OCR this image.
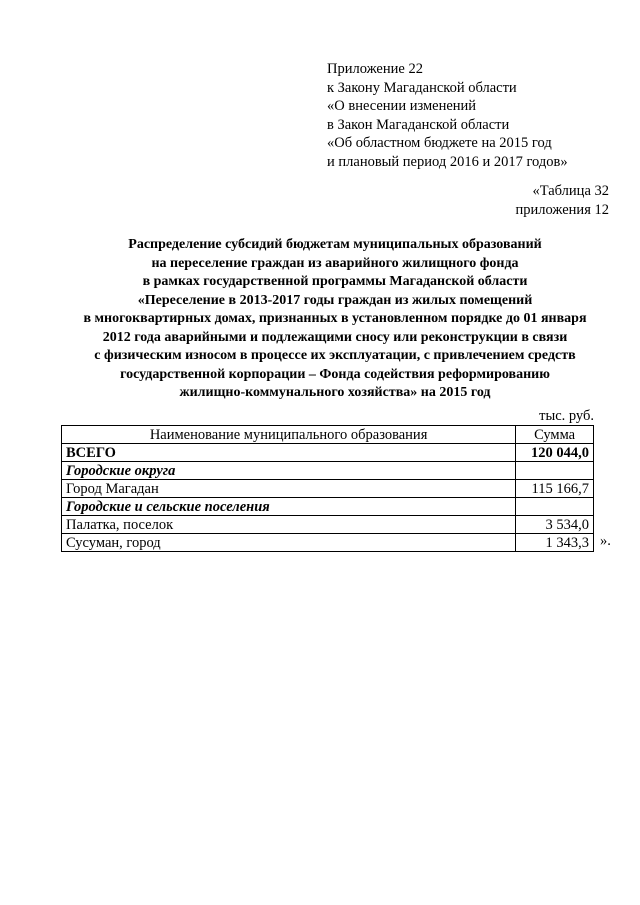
Приложение 22
к Закону Магаданской области
«О внесении изменений
в Закон Магаданской области
«Об областном бюджете на 2015 год
и плановый период 2016 и 2017 годов»
«Таблица 32
приложения 12
Распределение субсидий бюджетам муниципальных образований
на переселение граждан из аварийного жилищного фонда
в рамках государственной программы Магаданской области
«Переселение в 2013-2017 годы граждан из жилых помещений
в многоквартирных домах, признанных в установленном порядке до 01 января
2012 года аварийными и подлежащими сносу или реконструкции в связи
с физическим износом в процессе их эксплуатации, с привлечением средств
государственной корпорации – Фонда содействия реформированию
жилищно-коммунального хозяйства» на 2015 год
тыс. руб.
Наименование муниципального образования	Сумма
ВСЕГО	120 044,0
Городские округа	
Город Магадан	115 166,7
Городские и сельские поселения	
Палатка, поселок	3 534,0
Сусуман, город	1 343,3 ».
